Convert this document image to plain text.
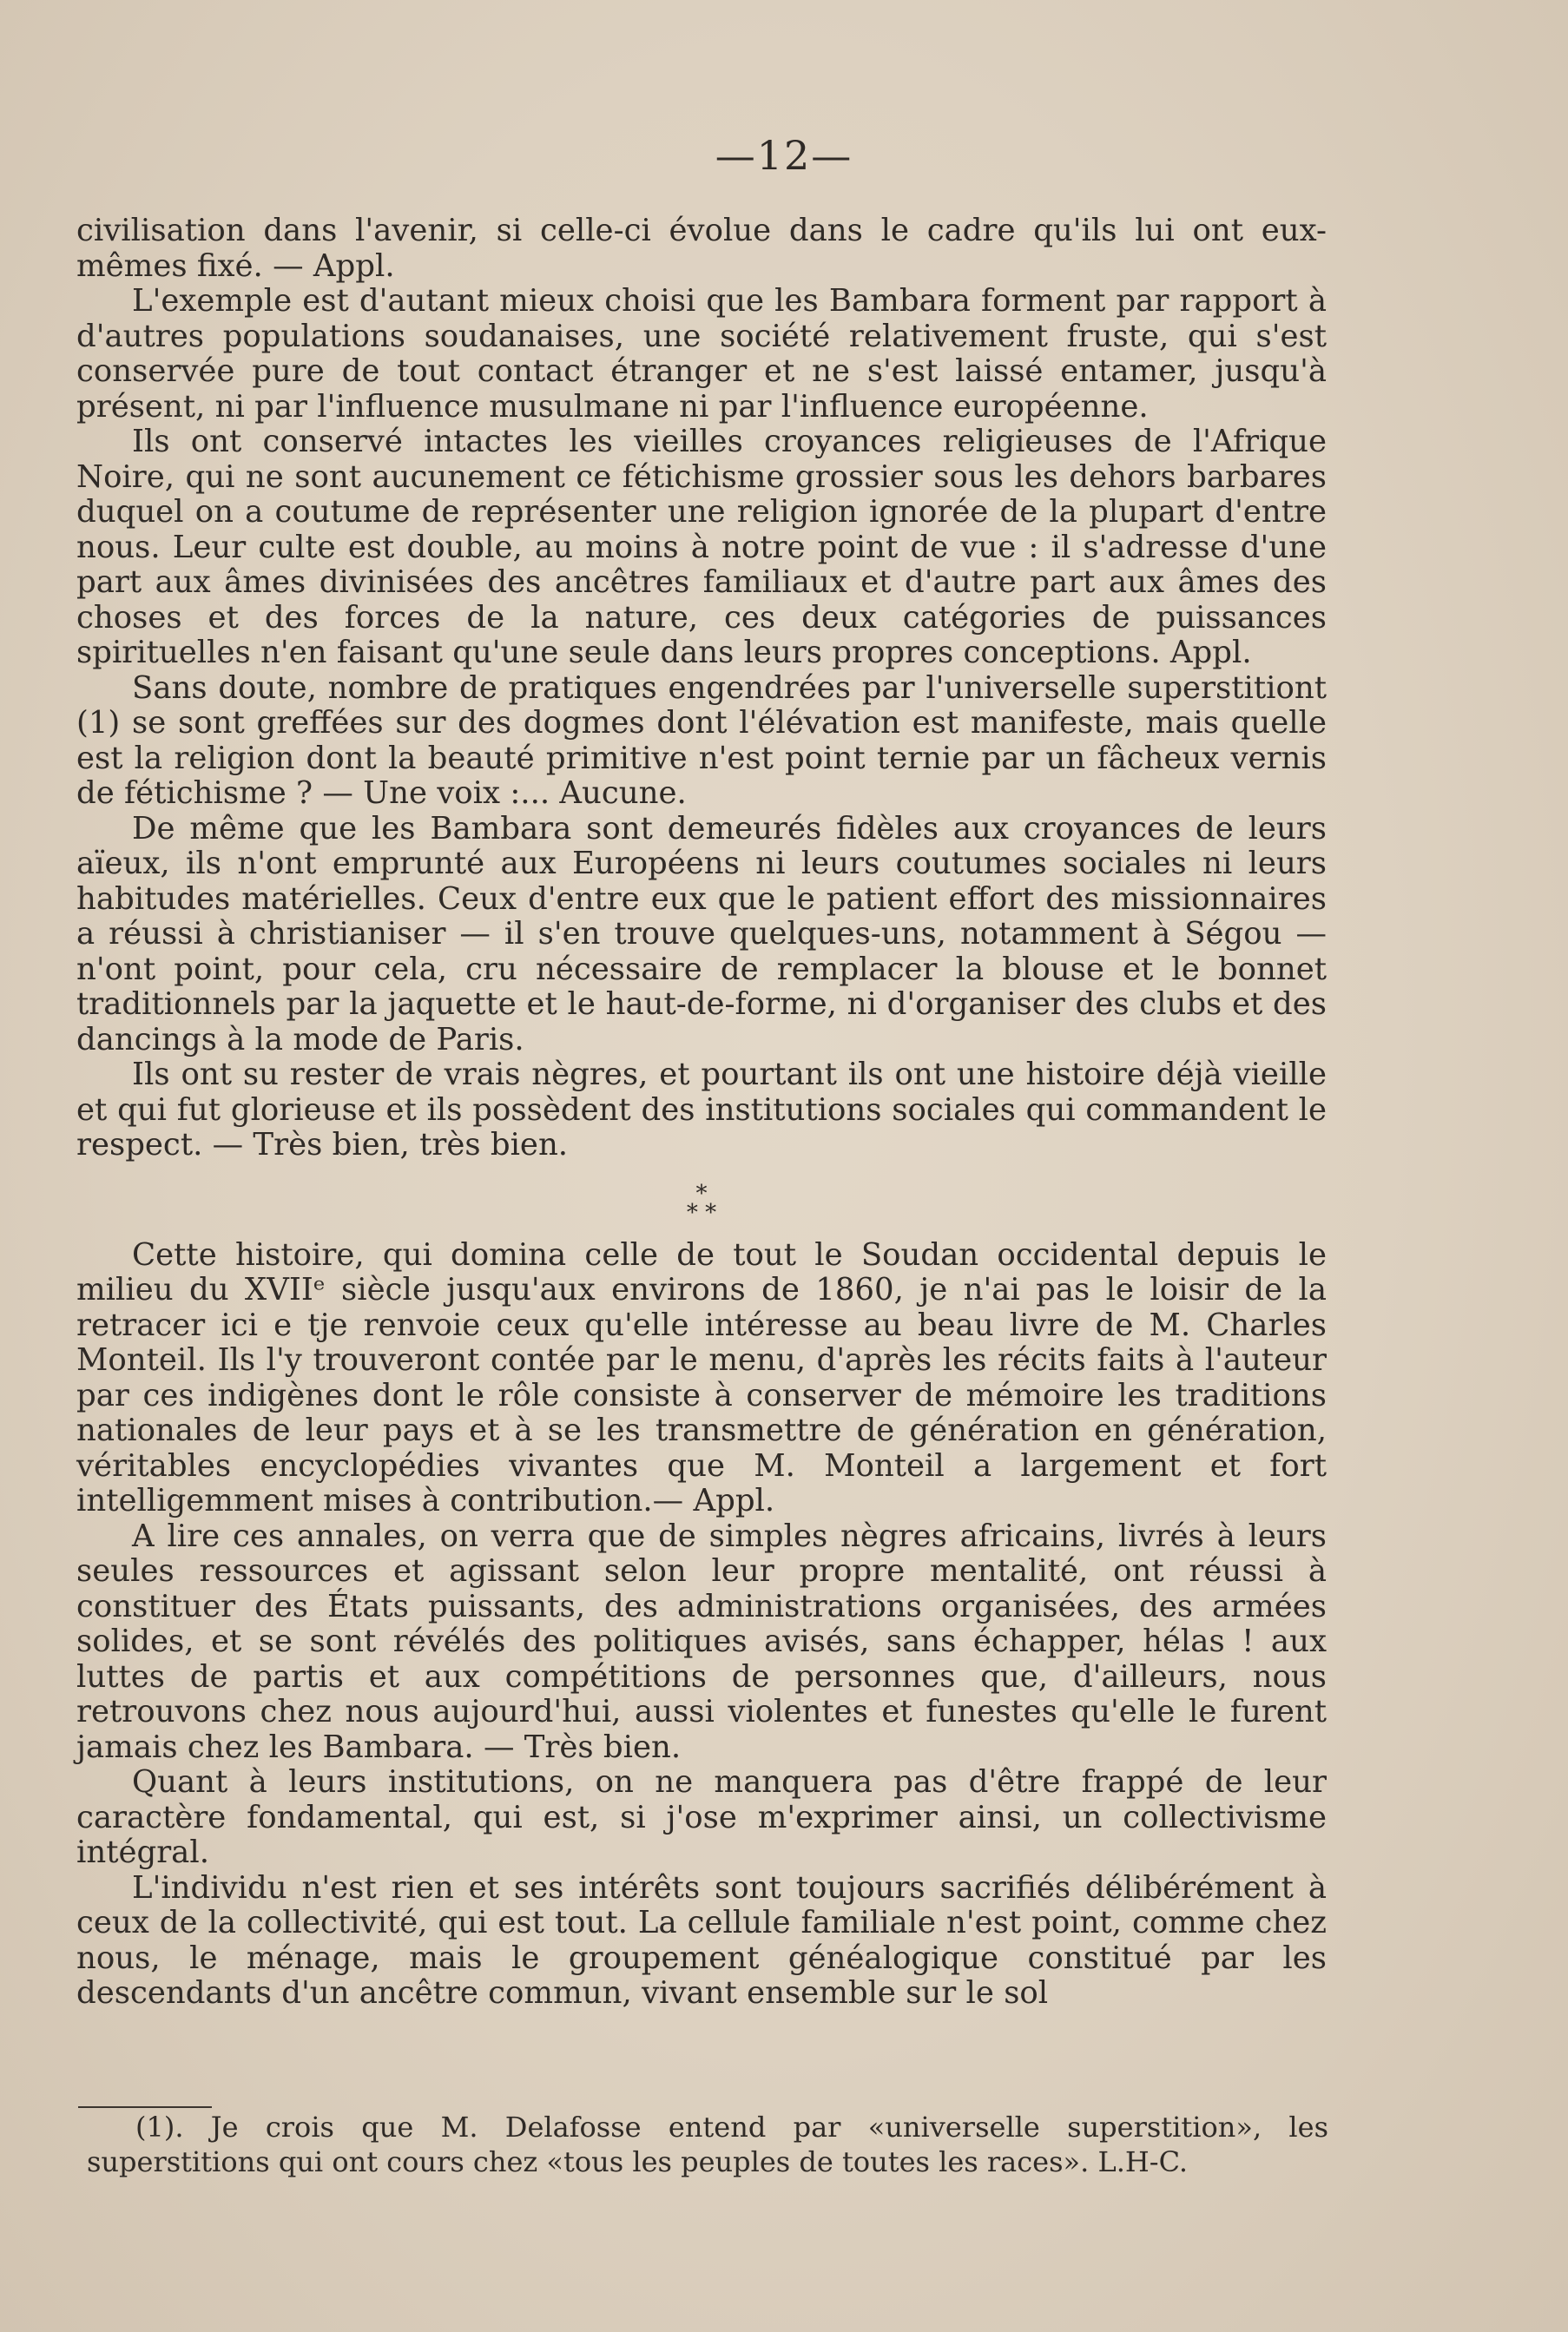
—12—

civilisation dans l'avenir, si celle-ci évolue dans le cadre qu'ils lui ont eux-mêmes fixé. — Appl.

L'exemple est d'autant mieux choisi que les Bambara forment par rapport à d'autres populations soudanaises, une société relativement fruste, qui s'est conservée pure de tout contact étranger et ne s'est laissé entamer, jusqu'à présent, ni par l'influence musulmane ni par l'influence européenne.

Ils ont conservé intactes les vieilles croyances religieuses de l'Afrique Noire, qui ne sont aucunement ce fétichisme grossier sous les dehors barbares duquel on a coutume de représenter une religion ignorée de la plupart d'entre nous. Leur culte est double, au moins à notre point de vue : il s'adresse d'une part aux âmes divinisées des ancêtres familiaux et d'autre part aux âmes des choses et des forces de la nature, ces deux catégories de puissances spirituelles n'en faisant qu'une seule dans leurs propres conceptions. Appl.

Sans doute, nombre de pratiques engendrées par l'universelle superstitiont (1) se sont greffées sur des dogmes dont l'élévation est manifeste, mais quelle est la religion dont la beauté primitive n'est point ternie par un fâcheux vernis de fétichisme ? — Une voix :... Aucune.

De même que les Bambara sont demeurés fidèles aux croyances de leurs aïeux, ils n'ont emprunté aux Européens ni leurs coutumes sociales ni leurs habitudes matérielles. Ceux d'entre eux que le patient effort des missionnaires a réussi à christianiser — il s'en trouve quelques-uns, notamment à Ségou — n'ont point, pour cela, cru nécessaire de remplacer la blouse et le bonnet traditionnels par la jaquette et le haut-de-forme, ni d'organiser des clubs et des dancings à la mode de Paris.

Ils ont su rester de vrais nègres, et pourtant ils ont une histoire déjà vieille et qui fut glorieuse et ils possèdent des institutions sociales qui commandent le respect. — Très bien, très bien.

*
* *

Cette histoire, qui domina celle de tout le Soudan occidental depuis le milieu du XVIIᵉ siècle jusqu'aux environs de 1860, je n'ai pas le loisir de la retracer ici e tje renvoie ceux qu'elle intéresse au beau livre de M. Charles Monteil. Ils l'y trouveront contée par le menu, d'après les récits faits à l'auteur par ces indigènes dont le rôle consiste à conserver de mémoire les traditions nationales de leur pays et à se les transmettre de génération en génération, véritables encyclopédies vivantes que M. Monteil a largement et fort intelligemment mises à contribution.— Appl.

A lire ces annales, on verra que de simples nègres africains, livrés à leurs seules ressources et agissant selon leur propre mentalité, ont réussi à constituer des États puissants, des administrations organisées, des armées solides, et se sont révélés des politiques avisés, sans échapper, hélas ! aux luttes de partis et aux compétitions de personnes que, d'ailleurs, nous retrouvons chez nous aujourd'hui, aussi violentes et funestes qu'elle le furent jamais chez les Bambara. — Très bien.

Quant à leurs institutions, on ne manquera pas d'être frappé de leur caractère fondamental, qui est, si j'ose m'exprimer ainsi, un collectivisme intégral.

L'individu n'est rien et ses intérêts sont toujours sacrifiés délibérément à ceux de la collectivité, qui est tout. La cellule familiale n'est point, comme chez nous, le ménage, mais le groupement généalogique constitué par les descendants d'un ancêtre commun, vivant ensemble sur le sol

(1). Je crois que M. Delafosse entend par «universelle superstition», les superstitions qui ont cours chez «tous les peuples de toutes les races». L.H-C.
